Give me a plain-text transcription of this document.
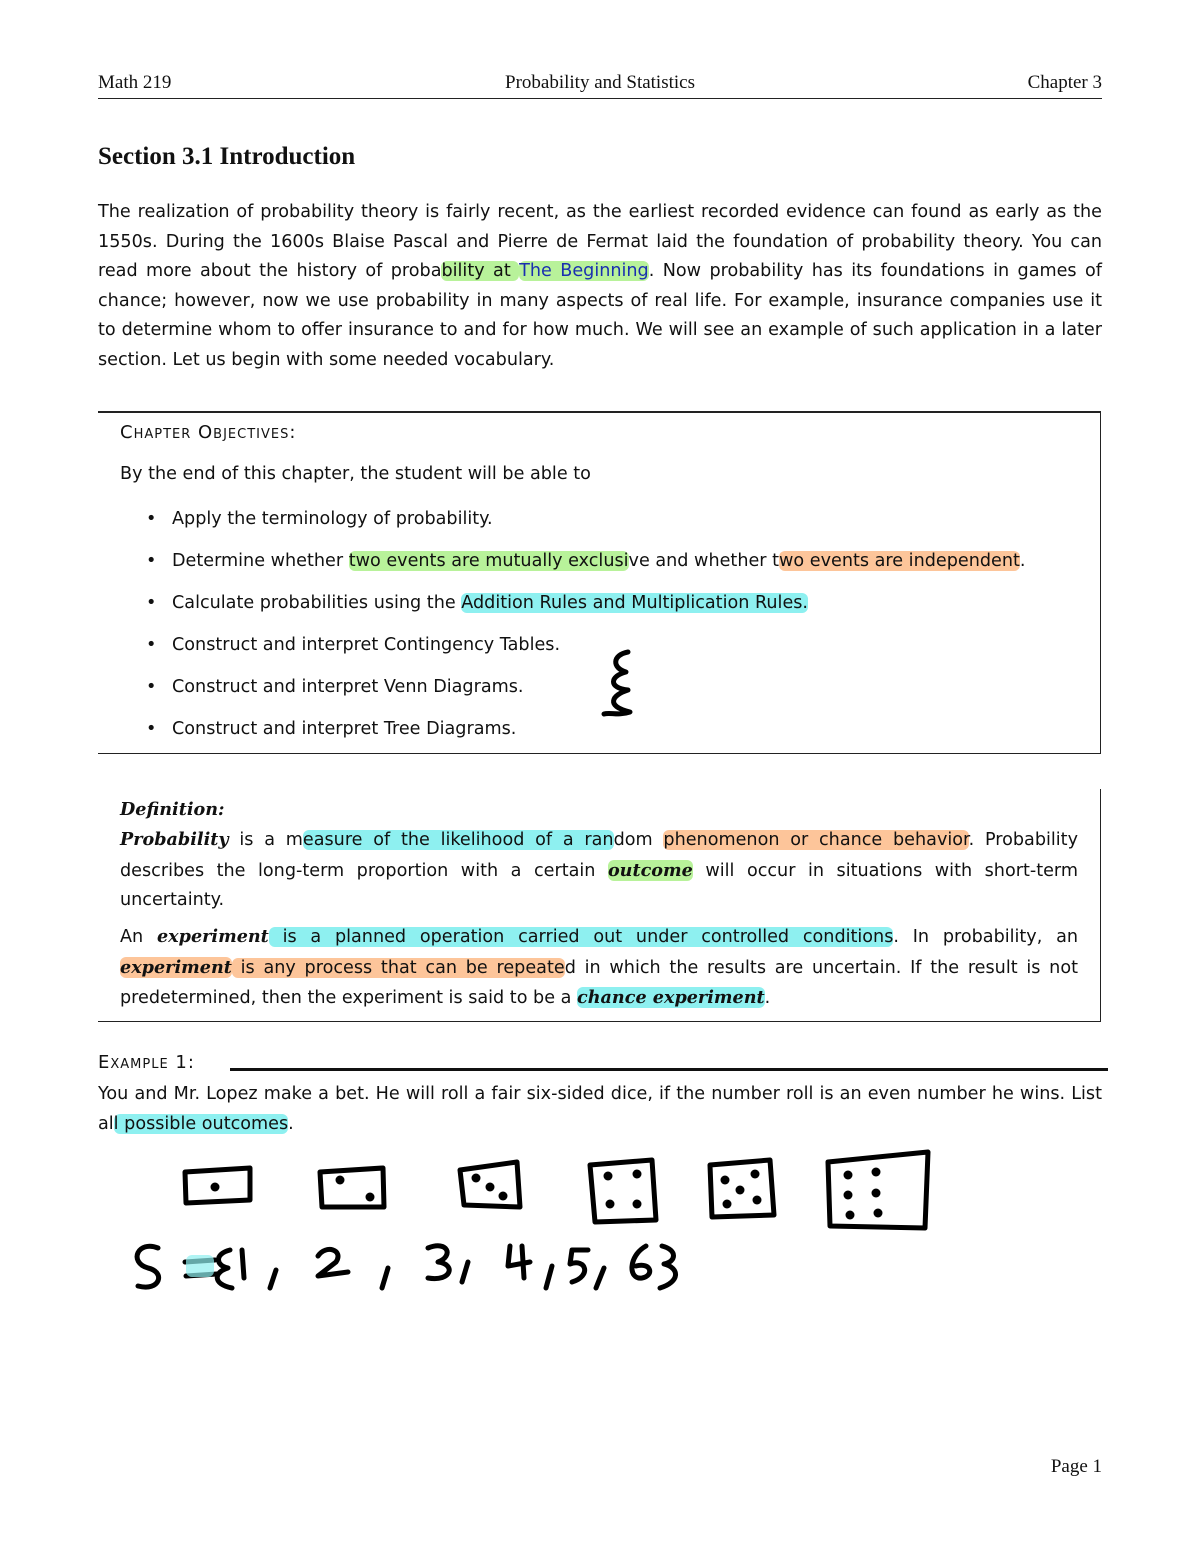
Math 219	Probability and Statistics	Chapter 3
Section 3.1 Introduction

The realization of probability theory is fairly recent, as the earliest recorded evidence can found as early as the 1550s. During the 1600s Blaise Pascal and Pierre de Fermat laid the foundation of probability theory. You can read more about the history of probability at The Beginning. Now probability has its foundations in games of chance; however, now we use probability in many aspects of real life. For example, insurance companies use it to determine whom to offer insurance to and for how much. We will see an example of such application in a later section. Let us begin with some needed vocabulary.

Chapter Objectives:
By the end of this chapter, the student will be able to
• Apply the terminology of probability.
• Determine whether two events are mutually exclusive and whether two events are independent.
• Calculate probabilities using the Addition Rules and Multiplication Rules.
• Construct and interpret Contingency Tables.
• Construct and interpret Venn Diagrams.
• Construct and interpret Tree Diagrams.
Definition:

Probability is a measure of the likelihood of a random phenomenon or chance behavior. Probability describes the long-term proportion with a certain outcome will occur in situations with short-term uncertainty.

An experiment is a planned operation carried out under controlled conditions. In probability, an experiment is any process that can be repeated in which the results are uncertain. If the result is not predetermined, then the experiment is said to be a chance experiment.

Example 1:

You and Mr. Lopez make a bet. He will roll a fair six-sided dice, if the number roll is an even number he wins. List all possible outcomes.

Page 1
